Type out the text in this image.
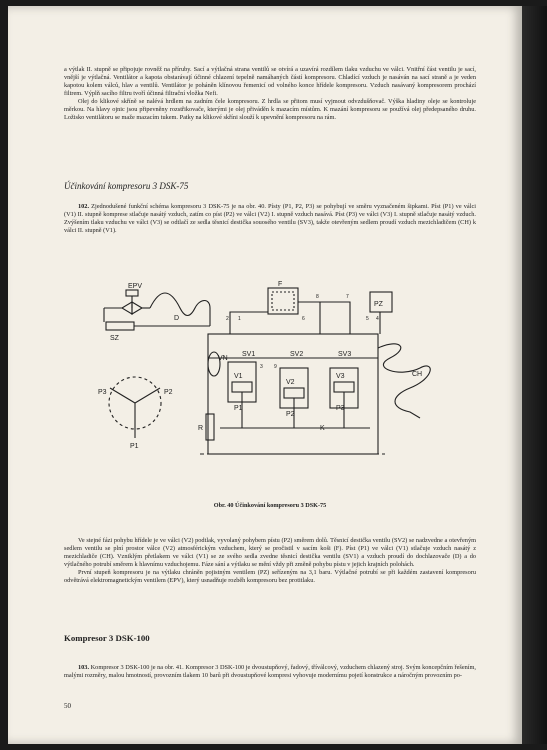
a výtlak II. stupně se připojuje rovněž na příruby. Sací a výtlačná strana ventilů se otvírá a uzavírá rozdílem tlaku vzduchu ve válci. Vnitřní část ventilu je sací, vnější je výtlačná. Ventilátor a kapota obstarávají účinné chlazení tepelně namáhaných částí kompresoru. Chladící vzduch je nasáván na sací straně a je veden kapotou kolem válců, hlav a ventilů. Ventilátor je poháněn klínovou řemenicí od volného konce hřídele kompresoru. Vzduch nasávaný kompresorem prochází filtrem. Výplň sacího filtru tvoří účinná filtrační vložka Nefi.

Olej do klikové skříně se nalévá hrdlem na zadním čele kompresoru. Z hrdla se přitom musí vyjmout odvzdušňovač. Výška hladiny oleje se kontroluje měrkou. Na hlavy ojnic jsou připevněny rozstřikovače, kterými je olej přiváděn k mazacím místům. K mazání kompresoru se používá olej předepsaného druhu. Ložisko ventilátoru se maže mazacím tukem. Patky na klikové skříni slouží k upevnění kompresoru na rám.

Účinkování kompresoru 3 DSK-75

102. Zjednodušené funkční schéma kompresoru 3 DSK-75 je na obr. 40. Písty (P1, P2, P3) se pohybují ve směru vyznačeném šipkami. Píst (P1) ve válci (V1) II. stupně komprese stlačuje nasátý vzduch, zatím co píst (P2) ve válci (V2) I. stupně vzduch nasává. Píst (P3) ve válci (V3) I. stupně stlačuje nasátý vzduch. Zvýšením tlaku vzduchu ve válci (V3) se odtlačí ze sedla těsnicí destička souosého ventilu (SV3), takže otevřeným sedlem proudí vzduch mezichladičem (CH) k válci II. stupně (V1).

EPV
SZ
D
F
PZ
CH
VN
K
R
V1
V2
V3
P1
P2
P3
SV1	SV2	SV3
P3	P2
P1
1
2
3
4
5
6
7
8
9
Obr. 40 Účinkování kompresoru 3 DSK-75

Ve stejné fázi pohybu hřídele je ve válci (V2) podtlak, vyvolaný pohybem pístu (P2) směrem dolů. Těsnicí destička ventilu (SV2) se nadzvedne a otevřeným sedlem ventilu se plní prostor válce (V2) atmosférickým vzduchem, který se pročistil v sacím koši (F). Píst (P1) ve válci (V1) stlačuje vzduch nasátý z mezichladiče (CH). Vzniklým přetlakem ve válci (V1) se ze svého sedla zvedne těsnicí destička ventilu (SV1) a vzduch proudí do dochlazovače (D) a do výtlačného potrubí směrem k hlavnímu vzduchojemu. Fáze sání a výtlaku se mění vždy při změně pohybu pístu v jejich krajních polohách.

První stupeň kompresoru je na výtlaku chráněn pojistným ventilem (PZ) seřízeným na 3,1 baru. Výtlačné potrubí se při každém zastavení kompresoru odvětrává elektromagnetickým ventilem (EPV), který usnadňuje rozběh kompresoru bez protitlaku.

Kompresor 3 DSK-100

103. Kompresor 3 DSK-100 je na obr. 41. Kompresor 3 DSK-100 je dvoustupňový, řadový, tříválcový, vzduchem chlazený stroj. Svým koncepčním řešením, malými rozměry, malou hmotností, provozním tlakem 10 barů při dvoustupňové kompresi vyhovuje modernímu pojetí konstrukce a náročným provozním po-

50
